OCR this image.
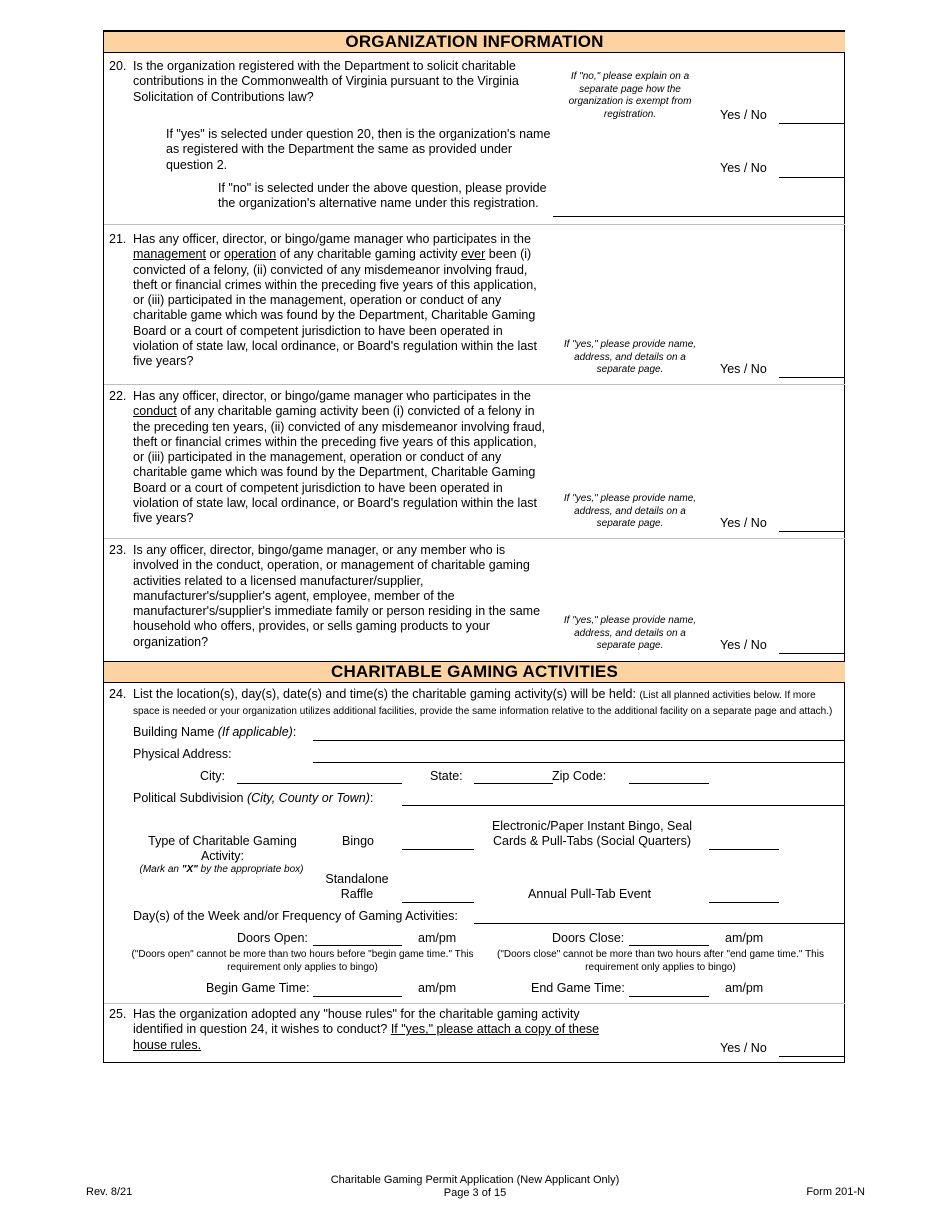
ORGANIZATION INFORMATION
20. Is the organization registered with the Department to solicit charitable contributions in the Commonwealth of Virginia pursuant to the Virginia Solicitation of Contributions law?
If "no," please explain on a separate page how the organization is exempt from registration.	Yes / No
If "yes" is selected under question 20, then is the organization's name as registered with the Department the same as provided under question 2.	Yes / No
If "no" is selected under the above question, please provide the organization's alternative name under this registration.
21. Has any officer, director, or bingo/game manager who participates in the management or operation of any charitable gaming activity ever been (i) convicted of a felony, (ii) convicted of any misdemeanor involving fraud, theft or financial crimes within the preceding five years of this application, or (iii) participated in the management, operation or conduct of any charitable game which was found by the Department, Charitable Gaming Board or a court of competent jurisdiction to have been operated in violation of state law, local ordinance, or Board's regulation within the last five years?
If "yes," please provide name, address, and details on a separate page.	Yes / No
22. Has any officer, director, or bingo/game manager who participates in the conduct of any charitable gaming activity been (i) convicted of a felony in the preceding ten years, (ii) convicted of any misdemeanor involving fraud, theft or financial crimes within the preceding five years of this application, or (iii) participated in the management, operation or conduct of any charitable game which was found by the Department, Charitable Gaming Board or a court of competent jurisdiction to have been operated in violation of state law, local ordinance, or Board's regulation within the last five years?
If "yes," please provide name, address, and details on a separate page.	Yes / No
23. Is any officer, director, bingo/game manager, or any member who is involved in the conduct, operation, or management of charitable gaming activities related to a licensed manufacturer/supplier, manufacturer's/supplier's agent, employee, member of the manufacturer's/supplier's immediate family or person residing in the same household who offers, provides, or sells gaming products to your organization?
If "yes," please provide name, address, and details on a separate page.	Yes / No
CHARITABLE GAMING ACTIVITIES
24. List the location(s), day(s), date(s) and time(s) the charitable gaming activity(s) will be held: (List all planned activities below. If more space is needed or your organization utilizes additional facilities, provide the same information relative to the additional facility on a separate page and attach.)
Building Name (If applicable):
Physical Address:
City:	State:	Zip Code:
Political Subdivision (City, County or Town):
Type of Charitable Gaming Activity:
(Mark an "X" by the appropriate box)
Bingo
Standalone Raffle
Electronic/Paper Instant Bingo, Seal Cards & Pull-Tabs (Social Quarters)
Annual Pull-Tab Event
Day(s) of the Week and/or Frequency of Gaming Activities:
Doors Open:	am/pm	Doors Close:	am/pm
("Doors open" cannot be more than two hours before "begin game time." This requirement only applies to bingo)
("Doors close" cannot be more than two hours after "end game time." This requirement only applies to bingo)
Begin Game Time:	am/pm	End Game Time:	am/pm
25. Has the organization adopted any "house rules" for the charitable gaming activity identified in question 24, it wishes to conduct? If "yes," please attach a copy of these house rules.	Yes / No
Rev. 8/21
Charitable Gaming Permit Application (New Applicant Only)
Page 3 of 15	Form 201-N
